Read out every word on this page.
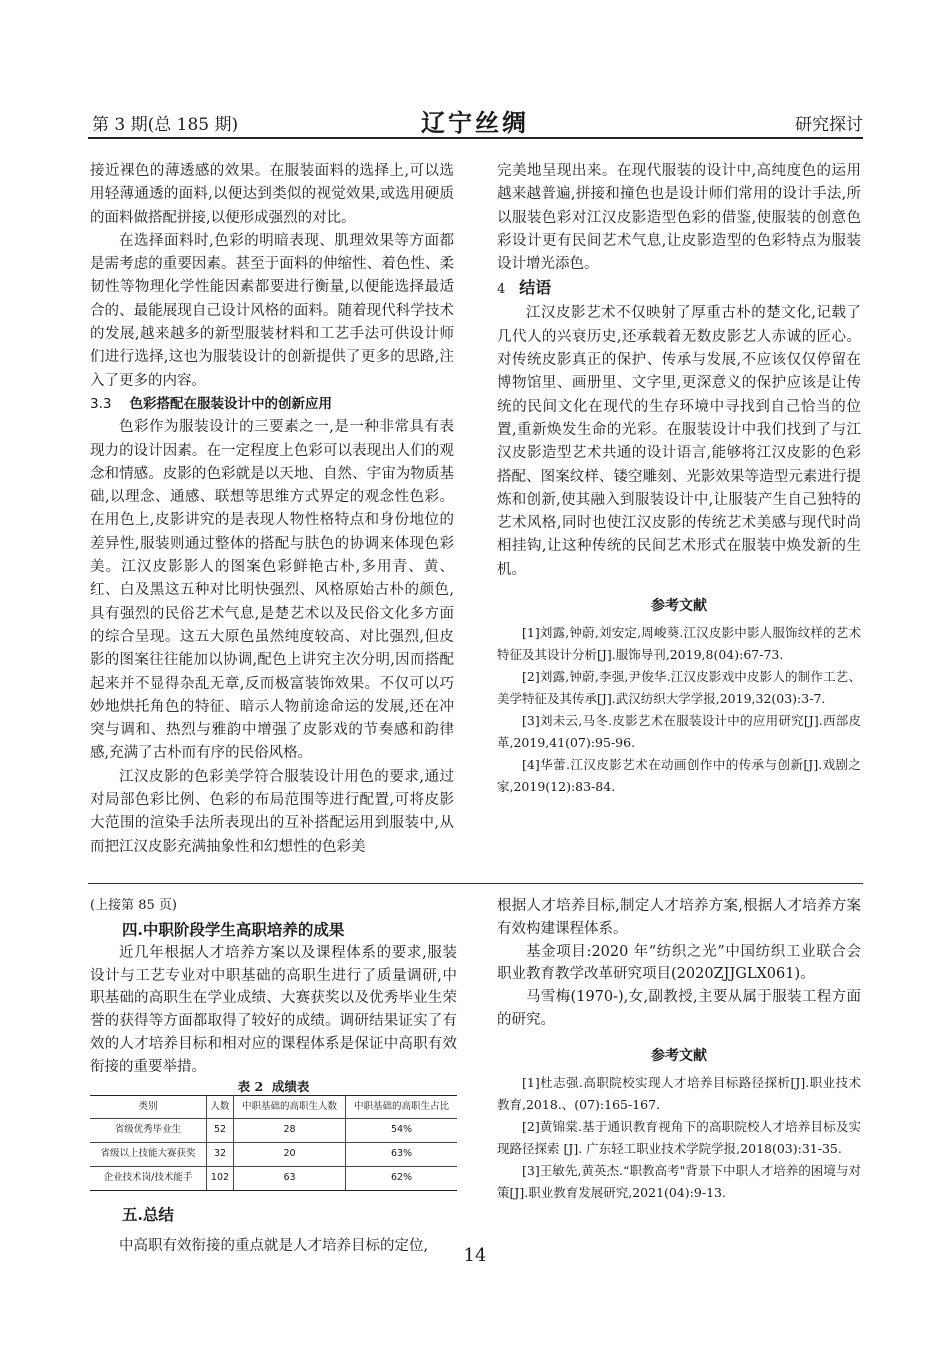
第 3 期(总 185 期)	辽宁丝绸	研究探讨

接近裸色的薄透感的效果。在服装面料的选择上,可以选用轻薄通透的面料,以便达到类似的视觉效果,或选用硬质的面料做搭配拼接,以便形成强烈的对比。

在选择面料时,色彩的明暗表现、肌理效果等方面都是需考虑的重要因素。甚至于面料的伸缩性、着色性、柔韧性等物理化学性能因素都要进行衡量,以便能选择最适合的、最能展现自己设计风格的面料。随着现代科学技术的发展,越来越多的新型服装材料和工艺手法可供设计师们进行选择,这也为服装设计的创新提供了更多的思路,注入了更多的内容。

3.3 色彩搭配在服装设计中的创新应用

色彩作为服装设计的三要素之一,是一种非常具有表现力的设计因素。在一定程度上色彩可以表现出人们的观念和情感。皮影的色彩就是以天地、自然、宇宙为物质基础,以理念、通感、联想等思维方式界定的观念性色彩。在用色上,皮影讲究的是表现人物性格特点和身份地位的差异性,服装则通过整体的搭配与肤色的协调来体现色彩美。江汉皮影影人的图案色彩鲜艳古朴,多用青、黄、红、白及黑这五种对比明快强烈、风格原始古朴的颜色,具有强烈的民俗艺术气息,是楚艺术以及民俗文化多方面的综合呈现。这五大原色虽然纯度较高、对比强烈,但皮影的图案往往能加以协调,配色上讲究主次分明,因而搭配起来并不显得杂乱无章,反而极富装饰效果。不仅可以巧妙地烘托角色的特征、暗示人物前途命运的发展,还在冲突与调和、热烈与雅韵中增强了皮影戏的节奏感和韵律感,充满了古朴而有序的民俗风格。

江汉皮影的色彩美学符合服装设计用色的要求,通过对局部色彩比例、色彩的布局范围等进行配置,可将皮影大范围的渲染手法所表现出的互补搭配运用到服装中,从而把江汉皮影充满抽象性和幻想性的色彩美

完美地呈现出来。在现代服装的设计中,高纯度色的运用越来越普遍,拼接和撞色也是设计师们常用的设计手法,所以服装色彩对江汉皮影造型色彩的借鉴,使服装的创意色彩设计更有民间艺术气息,让皮影造型的色彩特点为服装设计增光添色。

4 结语

江汉皮影艺术不仅映射了厚重古朴的楚文化,记载了几代人的兴衰历史,还承载着无数皮影艺人赤诚的匠心。对传统皮影真正的保护、传承与发展,不应该仅仅停留在博物馆里、画册里、文字里,更深意义的保护应该是让传统的民间文化在现代的生存环境中寻找到自己恰当的位置,重新焕发生命的光彩。在服装设计中我们找到了与江汉皮影造型艺术共通的设计语言,能够将江汉皮影的色彩搭配、图案纹样、镂空雕刻、光影效果等造型元素进行提炼和创新,使其融入到服装设计中,让服装产生自己独特的艺术风格,同时也使江汉皮影的传统艺术美感与现代时尚相挂钩,让这种传统的民间艺术形式在服装中焕发新的生机。

参考文献

[1]刘露,钟蔚,刘安定,周峻葵.江汉皮影中影人服饰纹样的艺术特征及其设计分析[J].服饰导刊,2019,8(04):67-73.

[2]刘露,钟蔚,李强,尹俊华.江汉皮影戏中皮影人的制作工艺、美学特征及其传承[J].武汉纺织大学学报,2019,32(03):3-7.

[3]刘未云,马冬.皮影艺术在服装设计中的应用研究[J].西部皮革,2019,41(07):95-96.

[4]华蕾.江汉皮影艺术在动画创作中的传承与创新[J].戏剧之家,2019(12):83-84.

(上接第 85 页)

四.中职阶段学生高职培养的成果

近几年根据人才培养方案以及课程体系的要求,服装设计与工艺专业对中职基础的高职生进行了质量调研,中职基础的高职生在学业成绩、大赛获奖以及优秀毕业生荣誉的获得等方面都取得了较好的成绩。调研结果证实了有效的人才培养目标和相对应的课程体系是保证中高职有效衔接的重要举措。

表 2 成绩表

类别	人数	中职基础的高职生人数	中职基础的高职生占比
省级优秀毕业生	52	28	54%
省级以上技能大赛获奖	32	20	63%
企业技术岗/技术能手	102	63	62%

五.总结

中高职有效衔接的重点就是人才培养目标的定位,

根据人才培养目标,制定人才培养方案,根据人才培养方案有效构建课程体系。

基金项目:2020 年“纺织之光”中国纺织工业联合会职业教育教学改革研究项目(2020ZJJGLX061)。

马雪梅(1970-),女,副教授,主要从属于服装工程方面的研究。

参考文献

[1]杜志强.高职院校实现人才培养目标路径探析[J].职业技术教育,2018.、(07):165-167.

[2]黄锦棠.基于通识教育视角下的高职院校人才培养目标及实现路径探索 [J]. 广东轻工职业技术学院学报,2018(03):31-35.

[3]王敏先,黄英杰.“职教高考"背景下中职人才培养的困境与对策[J].职业教育发展研究,2021(04):9-13.

14
